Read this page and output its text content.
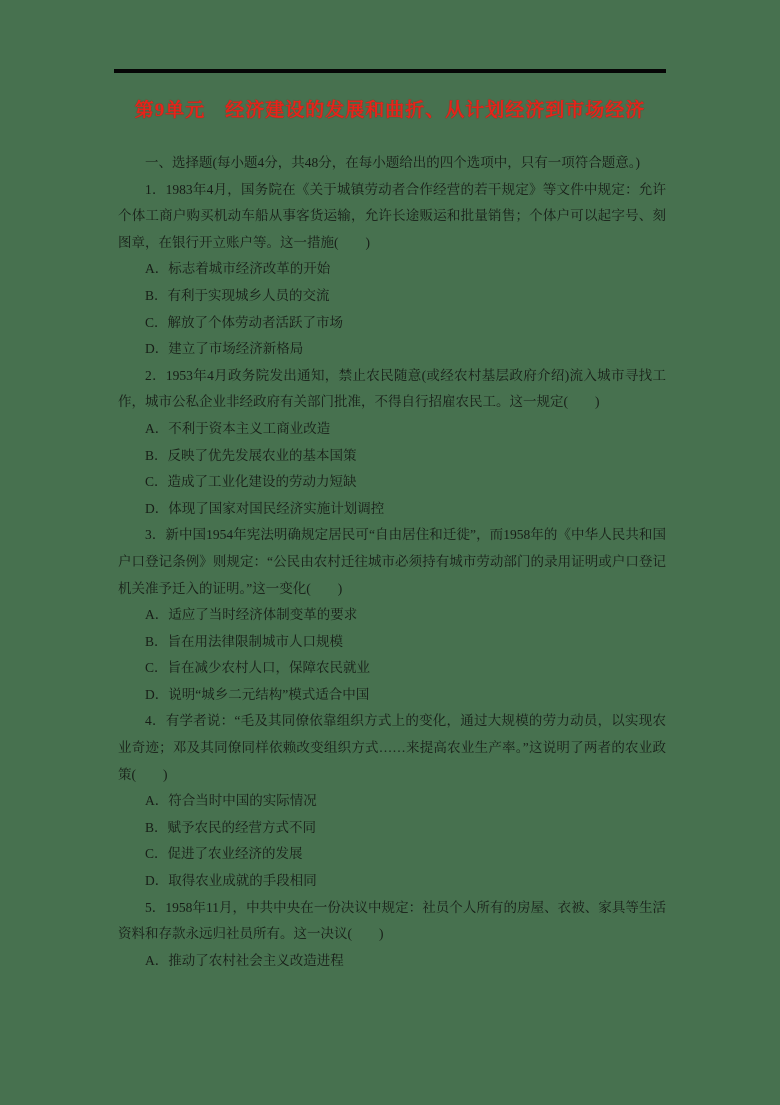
第9单元　经济建设的发展和曲折、从计划经济到市场经济

一、选择题(每小题4分，共48分，在每小题给出的四个选项中，只有一项符合题意。)

1．1983年4月，国务院在《关于城镇劳动者合作经营的若干规定》等文件中规定：允许个体工商户购买机动车船从事客货运输，允许长途贩运和批量销售；个体户可以起字号、刻图章，在银行开立账户等。这一措施(　　)

A．标志着城市经济改革的开始

B．有利于实现城乡人员的交流

C．解放了个体劳动者活跃了市场

D．建立了市场经济新格局

2．1953年4月政务院发出通知，禁止农民随意(或经农村基层政府介绍)流入城市寻找工作，城市公私企业非经政府有关部门批准，不得自行招雇农民工。这一规定(　　)

A．不利于资本主义工商业改造

B．反映了优先发展农业的基本国策

C．造成了工业化建设的劳动力短缺

D．体现了国家对国民经济实施计划调控

3．新中国1954年宪法明确规定居民可“自由居住和迁徙”，而1958年的《中华人民共和国户口登记条例》则规定：“公民由农村迁往城市必须持有城市劳动部门的录用证明或户口登记机关准予迁入的证明。”这一变化(　　)

A．适应了当时经济体制变革的要求

B．旨在用法律限制城市人口规模

C．旨在减少农村人口，保障农民就业

D．说明“城乡二元结构”模式适合中国

4．有学者说：“毛及其同僚依靠组织方式上的变化，通过大规模的劳力动员，以实现农业奇迹；邓及其同僚同样依赖改变组织方式……来提高农业生产率。”这说明了两者的农业政策(　　)

A．符合当时中国的实际情况

B．赋予农民的经营方式不同

C．促进了农业经济的发展

D．取得农业成就的手段相同

5．1958年11月，中共中央在一份决议中规定：社员个人所有的房屋、衣被、家具等生活资料和存款永远归社员所有。这一决议(　　)

A．推动了农村社会主义改造进程
